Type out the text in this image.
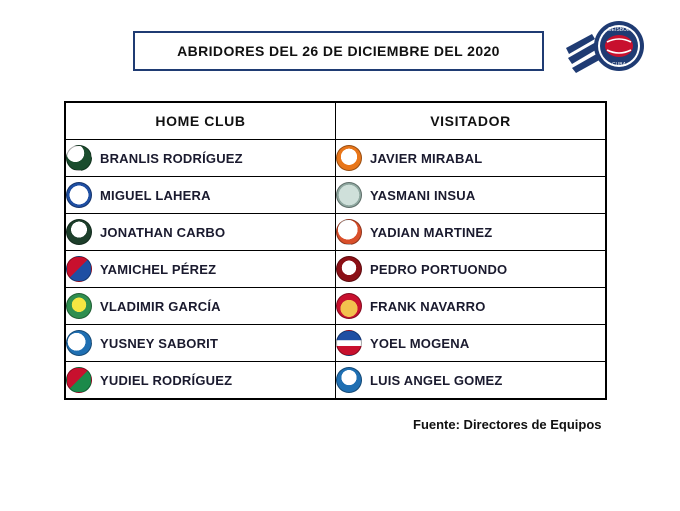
ABRIDORES DEL 26 DE DICIEMBRE DEL 2020
BEISBOL
CUBA
HOME CLUB	VISITADOR

BRANLIS RODRÍGUEZ	JAVIER MIRABAL

MIGUEL LAHERA	YASMANI INSUA

JONATHAN CARBO	YADIAN MARTINEZ

YAMICHEL PÉREZ	PEDRO PORTUONDO

VLADIMIR GARCÍA	FRANK NAVARRO

YUSNEY SABORIT	YOEL MOGENA

YUDIEL RODRÍGUEZ	LUIS ANGEL GOMEZ
Fuente: Directores de Equipos
